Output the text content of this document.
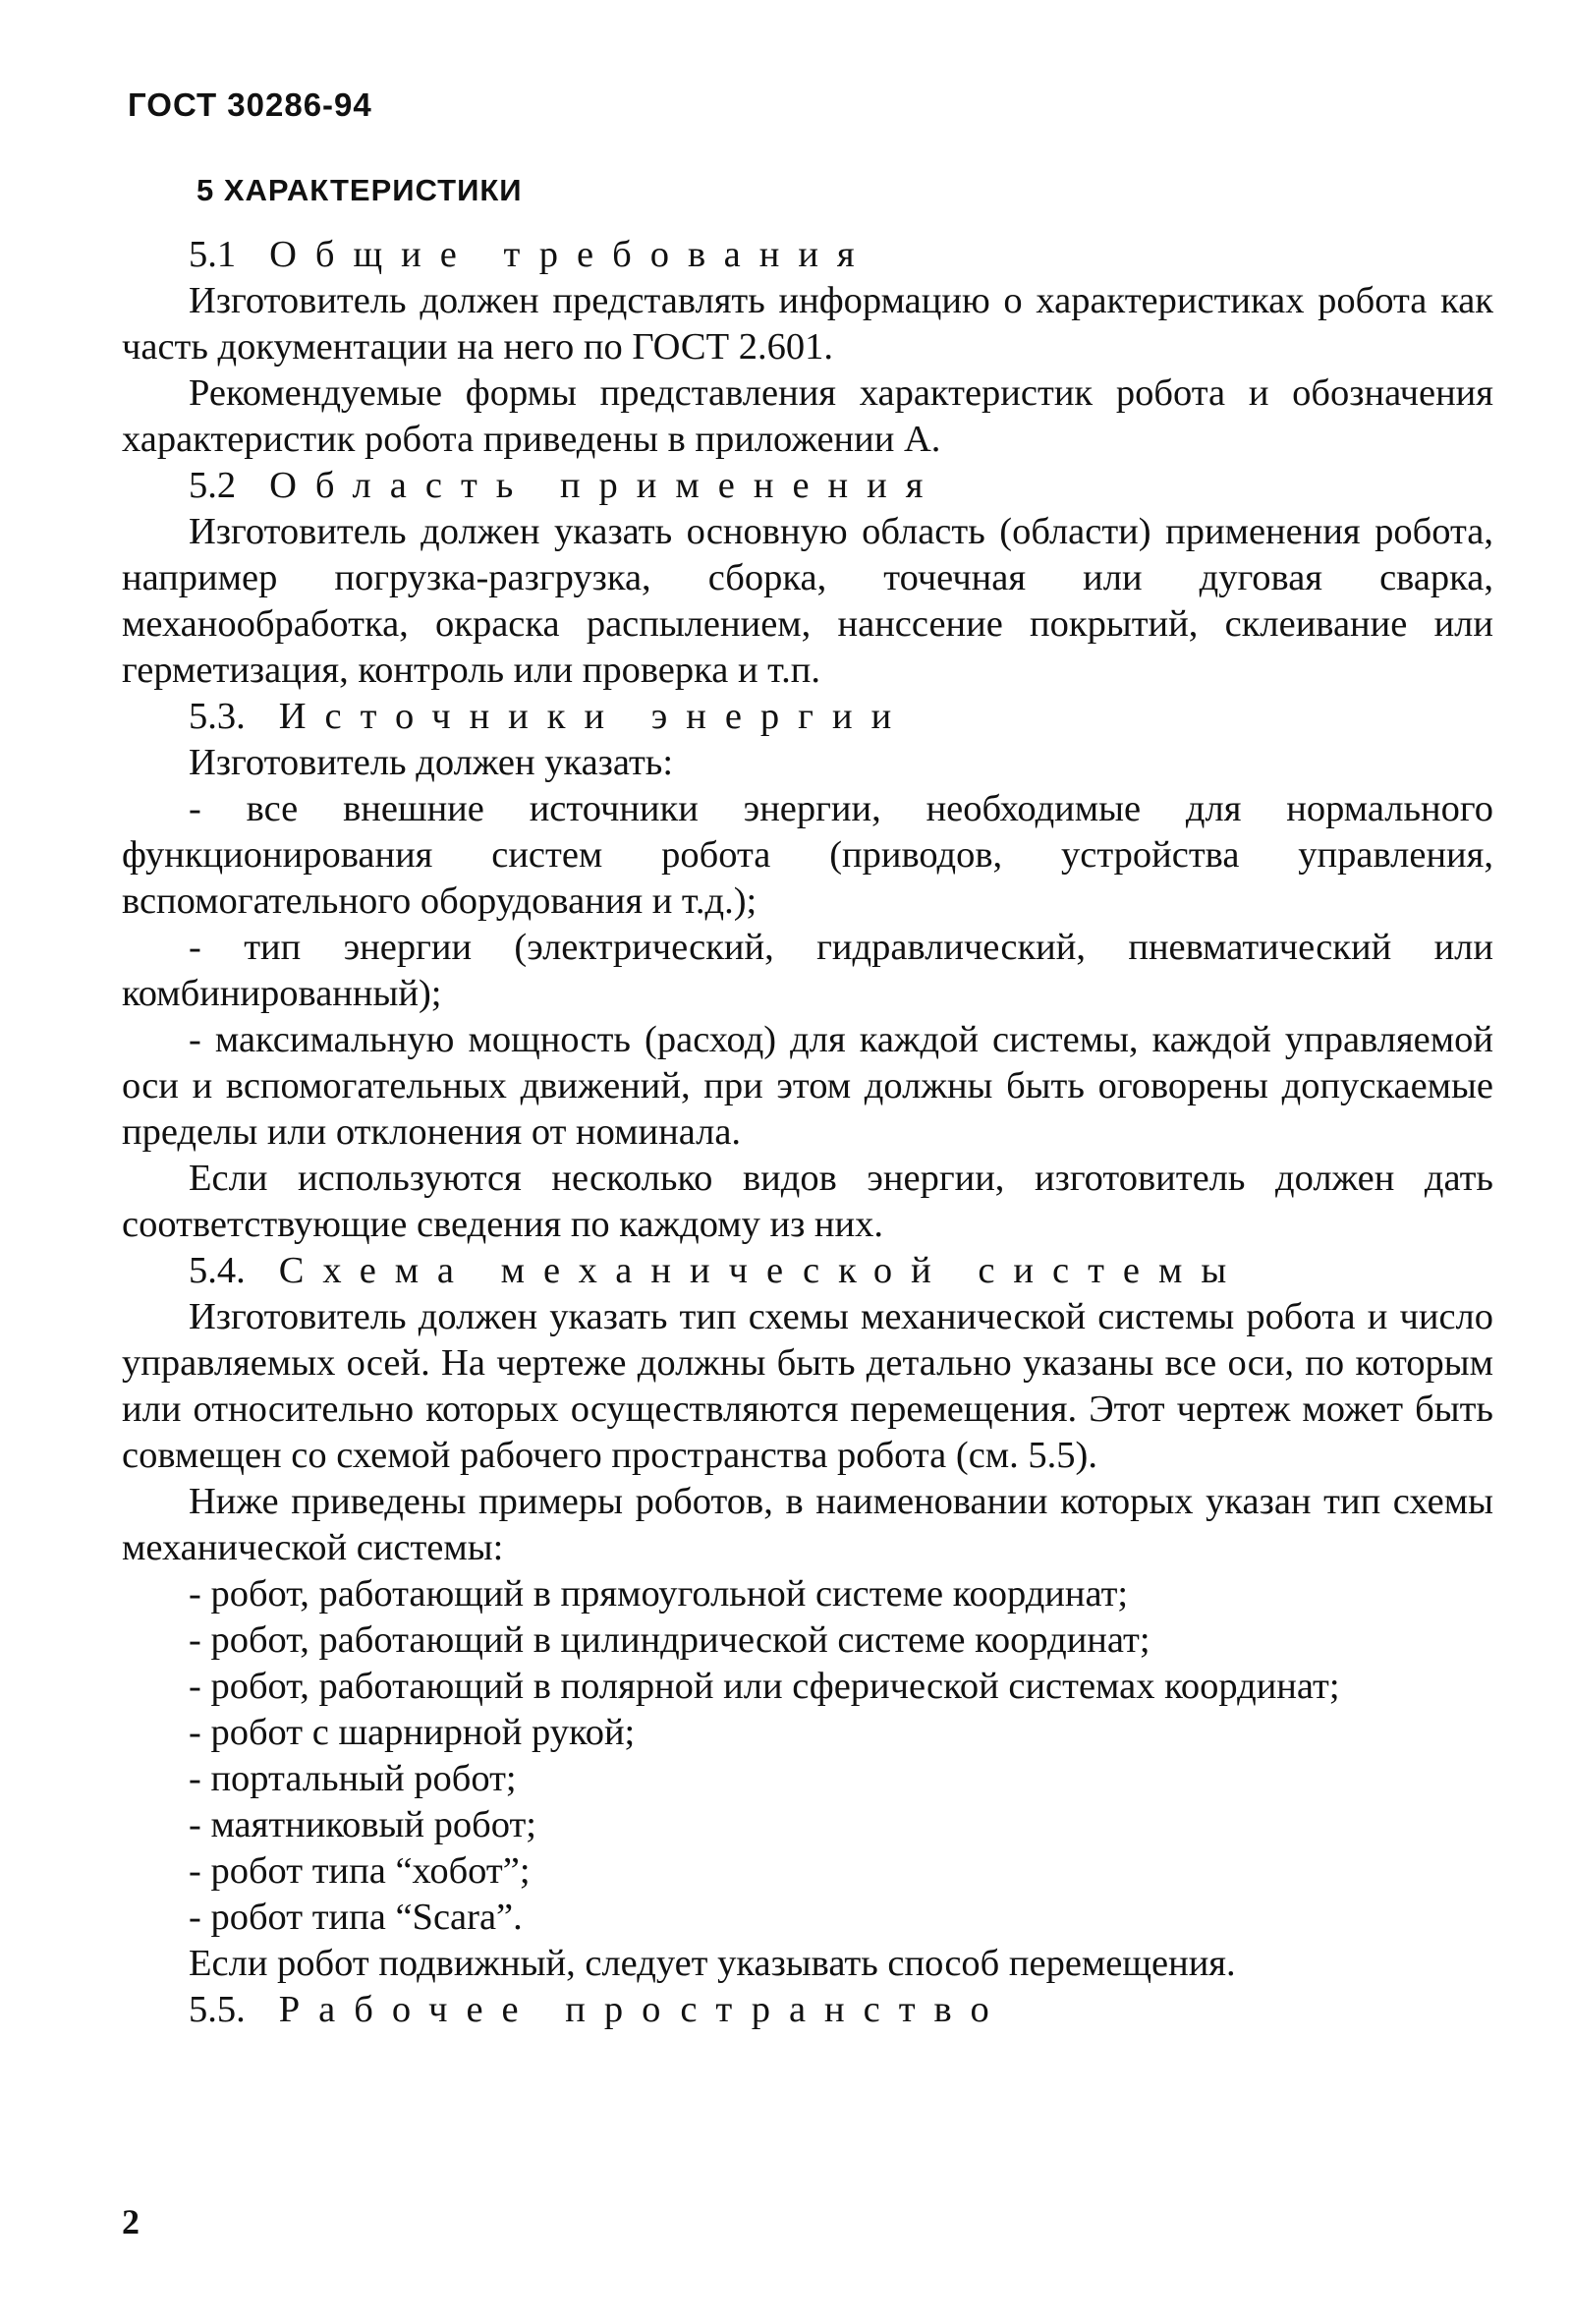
ГОСТ 30286-94
5 ХАРАКТЕРИСТИКИ

5.1 Общие требования

Изготовитель должен представлять информацию о характеристиках робота как часть документации на него по ГОСТ 2.601.

Рекомендуемые формы представления характеристик робота и обозначения характеристик робота приведены в приложении А.

5.2 Область применения

Изготовитель должен указать основную область (области) применения робота, например погрузка-разгрузка, сборка, точечная или дуговая сварка, механообработка, окраска распылением, нанссение покрытий, склеивание или герметизация, контроль или проверка и т.п.

5.3. Источники энергии

Изготовитель должен указать:

- все внешние источники энергии, необходимые для нормального функционирования систем робота (приводов, устройства управления, вспомогательного оборудования и т.д.);

- тип энергии (электрический, гидравлический, пневматический или комбинированный);

- максимальную мощность (расход) для каждой системы, каждой управляемой оси и вспомогательных движений, при этом должны быть оговорены допускаемые пределы или отклонения от номинала.

Если используются несколько видов энергии, изготовитель должен дать соответствующие сведения по каждому из них.

5.4. Схема механической системы

Изготовитель должен указать тип схемы механической системы робота и число управляемых осей. На чертеже должны быть детально указаны все оси, по которым или относительно которых осуществляются перемещения. Этот чертеж может быть совмещен со схемой рабочего пространства робота (см. 5.5).

Ниже приведены примеры роботов, в наименовании которых указан тип схемы механической системы:

- робот, работающий в прямоугольной системе координат;

- робот, работающий в цилиндрической системе координат;

- робот, работающий в полярной или сферической системах координат;

- робот с шарнирной рукой;

- портальный робот;

- маятниковый робот;

- робот типа “хобот”;

- робот типа “Scara”.

Если робот подвижный, следует указывать способ перемещения.

5.5. Рабочее пространство

2
